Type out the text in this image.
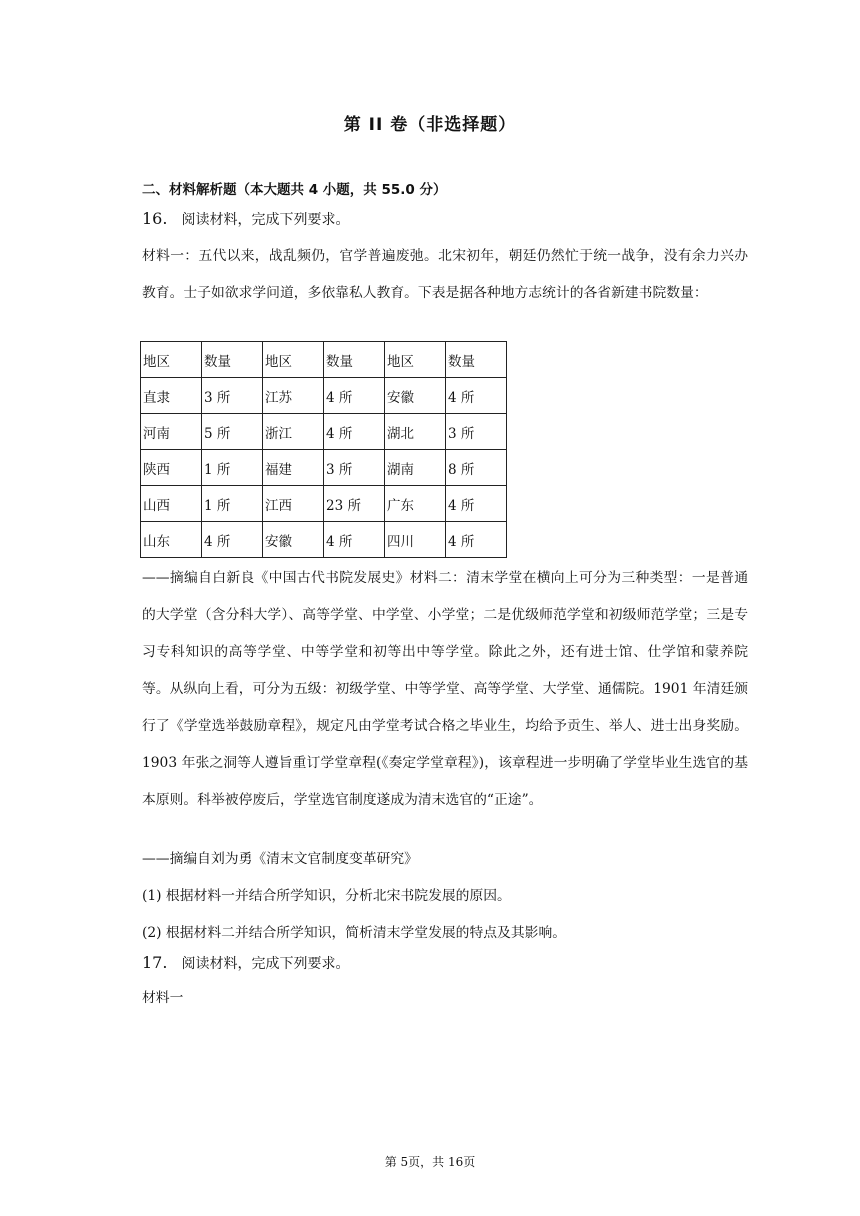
第 II 卷（非选择题）
二、材料解析题（本大题共 4 小题，共 55.0 分）
16. 阅读材料，完成下列要求。
材料一：五代以来，战乱频仍，官学普遍废弛。北宋初年，朝廷仍然忙于统一战争，没有余力兴办教育。士子如欲求学问道，多依靠私人教育。下表是据各种地方志统计的各省新建书院数量：
地区	数量	地区	数量	地区	数量
直隶	3 所	江苏	4 所	安徽	4 所
河南	5 所	浙江	4 所	湖北	3 所
陕西	1 所	福建	3 所	湖南	8 所
山西	1 所	江西	23 所	广东	4 所
山东	4 所	安徽	4 所	四川	4 所
——摘编自白新良《中国古代书院发展史》材料二：清末学堂在横向上可分为三种类型：一是普通的大学堂（含分科大学）、高等学堂、中学堂、小学堂；二是优级师范学堂和初级师范学堂；三是专习专科知识的高等学堂、中等学堂和初等出中等学堂。除此之外，还有进士馆、仕学馆和蒙养院等。从纵向上看，可分为五级：初级学堂、中等学堂、高等学堂、大学堂、通儒院。1901 年清廷颁行了《学堂选举鼓励章程》，规定凡由学堂考试合格之毕业生，均给予贡生、举人、进士出身奖励。1903 年张之洞等人遵旨重订学堂章程(《奏定学堂章程》)，该章程进一步明确了学堂毕业生选官的基本原则。科举被停废后，学堂选官制度遂成为清末选官的“正途”。
——摘编自刘为勇《清末文官制度变革研究》
(1) 根据材料一并结合所学知识，分析北宋书院发展的原因。
(2) 根据材料二并结合所学知识，简析清末学堂发展的特点及其影响。
17. 阅读材料，完成下列要求。
材料一
第 5页，共 16页
